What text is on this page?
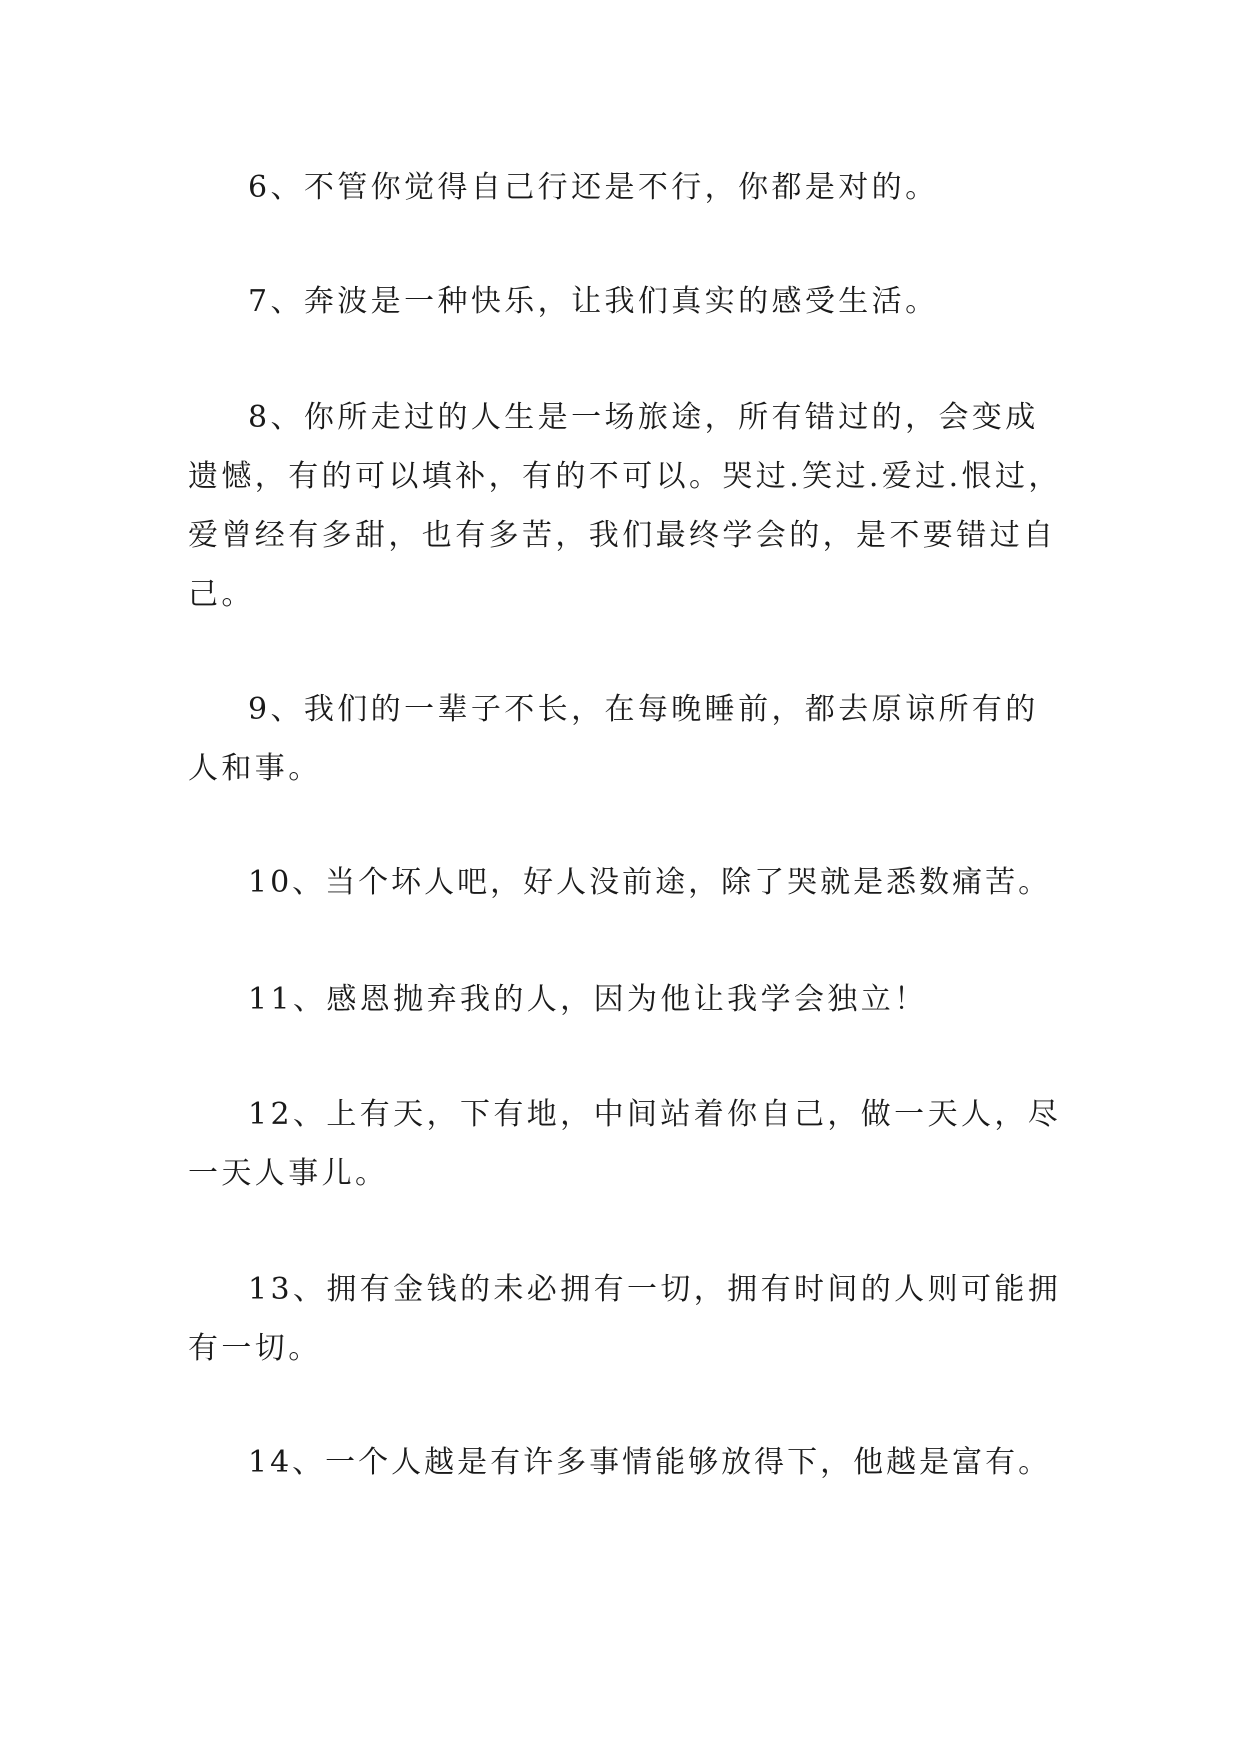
6、不管你觉得自己行还是不行，你都是对的。

7、奔波是一种快乐，让我们真实的感受生活。

8、你所走过的人生是一场旅途，所有错过的，会变成遗憾，有的可以填补，有的不可以。哭过.笑过.爱过.恨过，爱曾经有多甜，也有多苦，我们最终学会的，是不要错过自己。

9、我们的一辈子不长，在每晚睡前，都去原谅所有的人和事。

10、当个坏人吧，好人没前途，除了哭就是悉数痛苦。

11、感恩抛弃我的人，因为他让我学会独立！

12、上有天，下有地，中间站着你自己，做一天人，尽一天人事儿。

13、拥有金钱的未必拥有一切，拥有时间的人则可能拥有一切。

14、一个人越是有许多事情能够放得下，他越是富有。
